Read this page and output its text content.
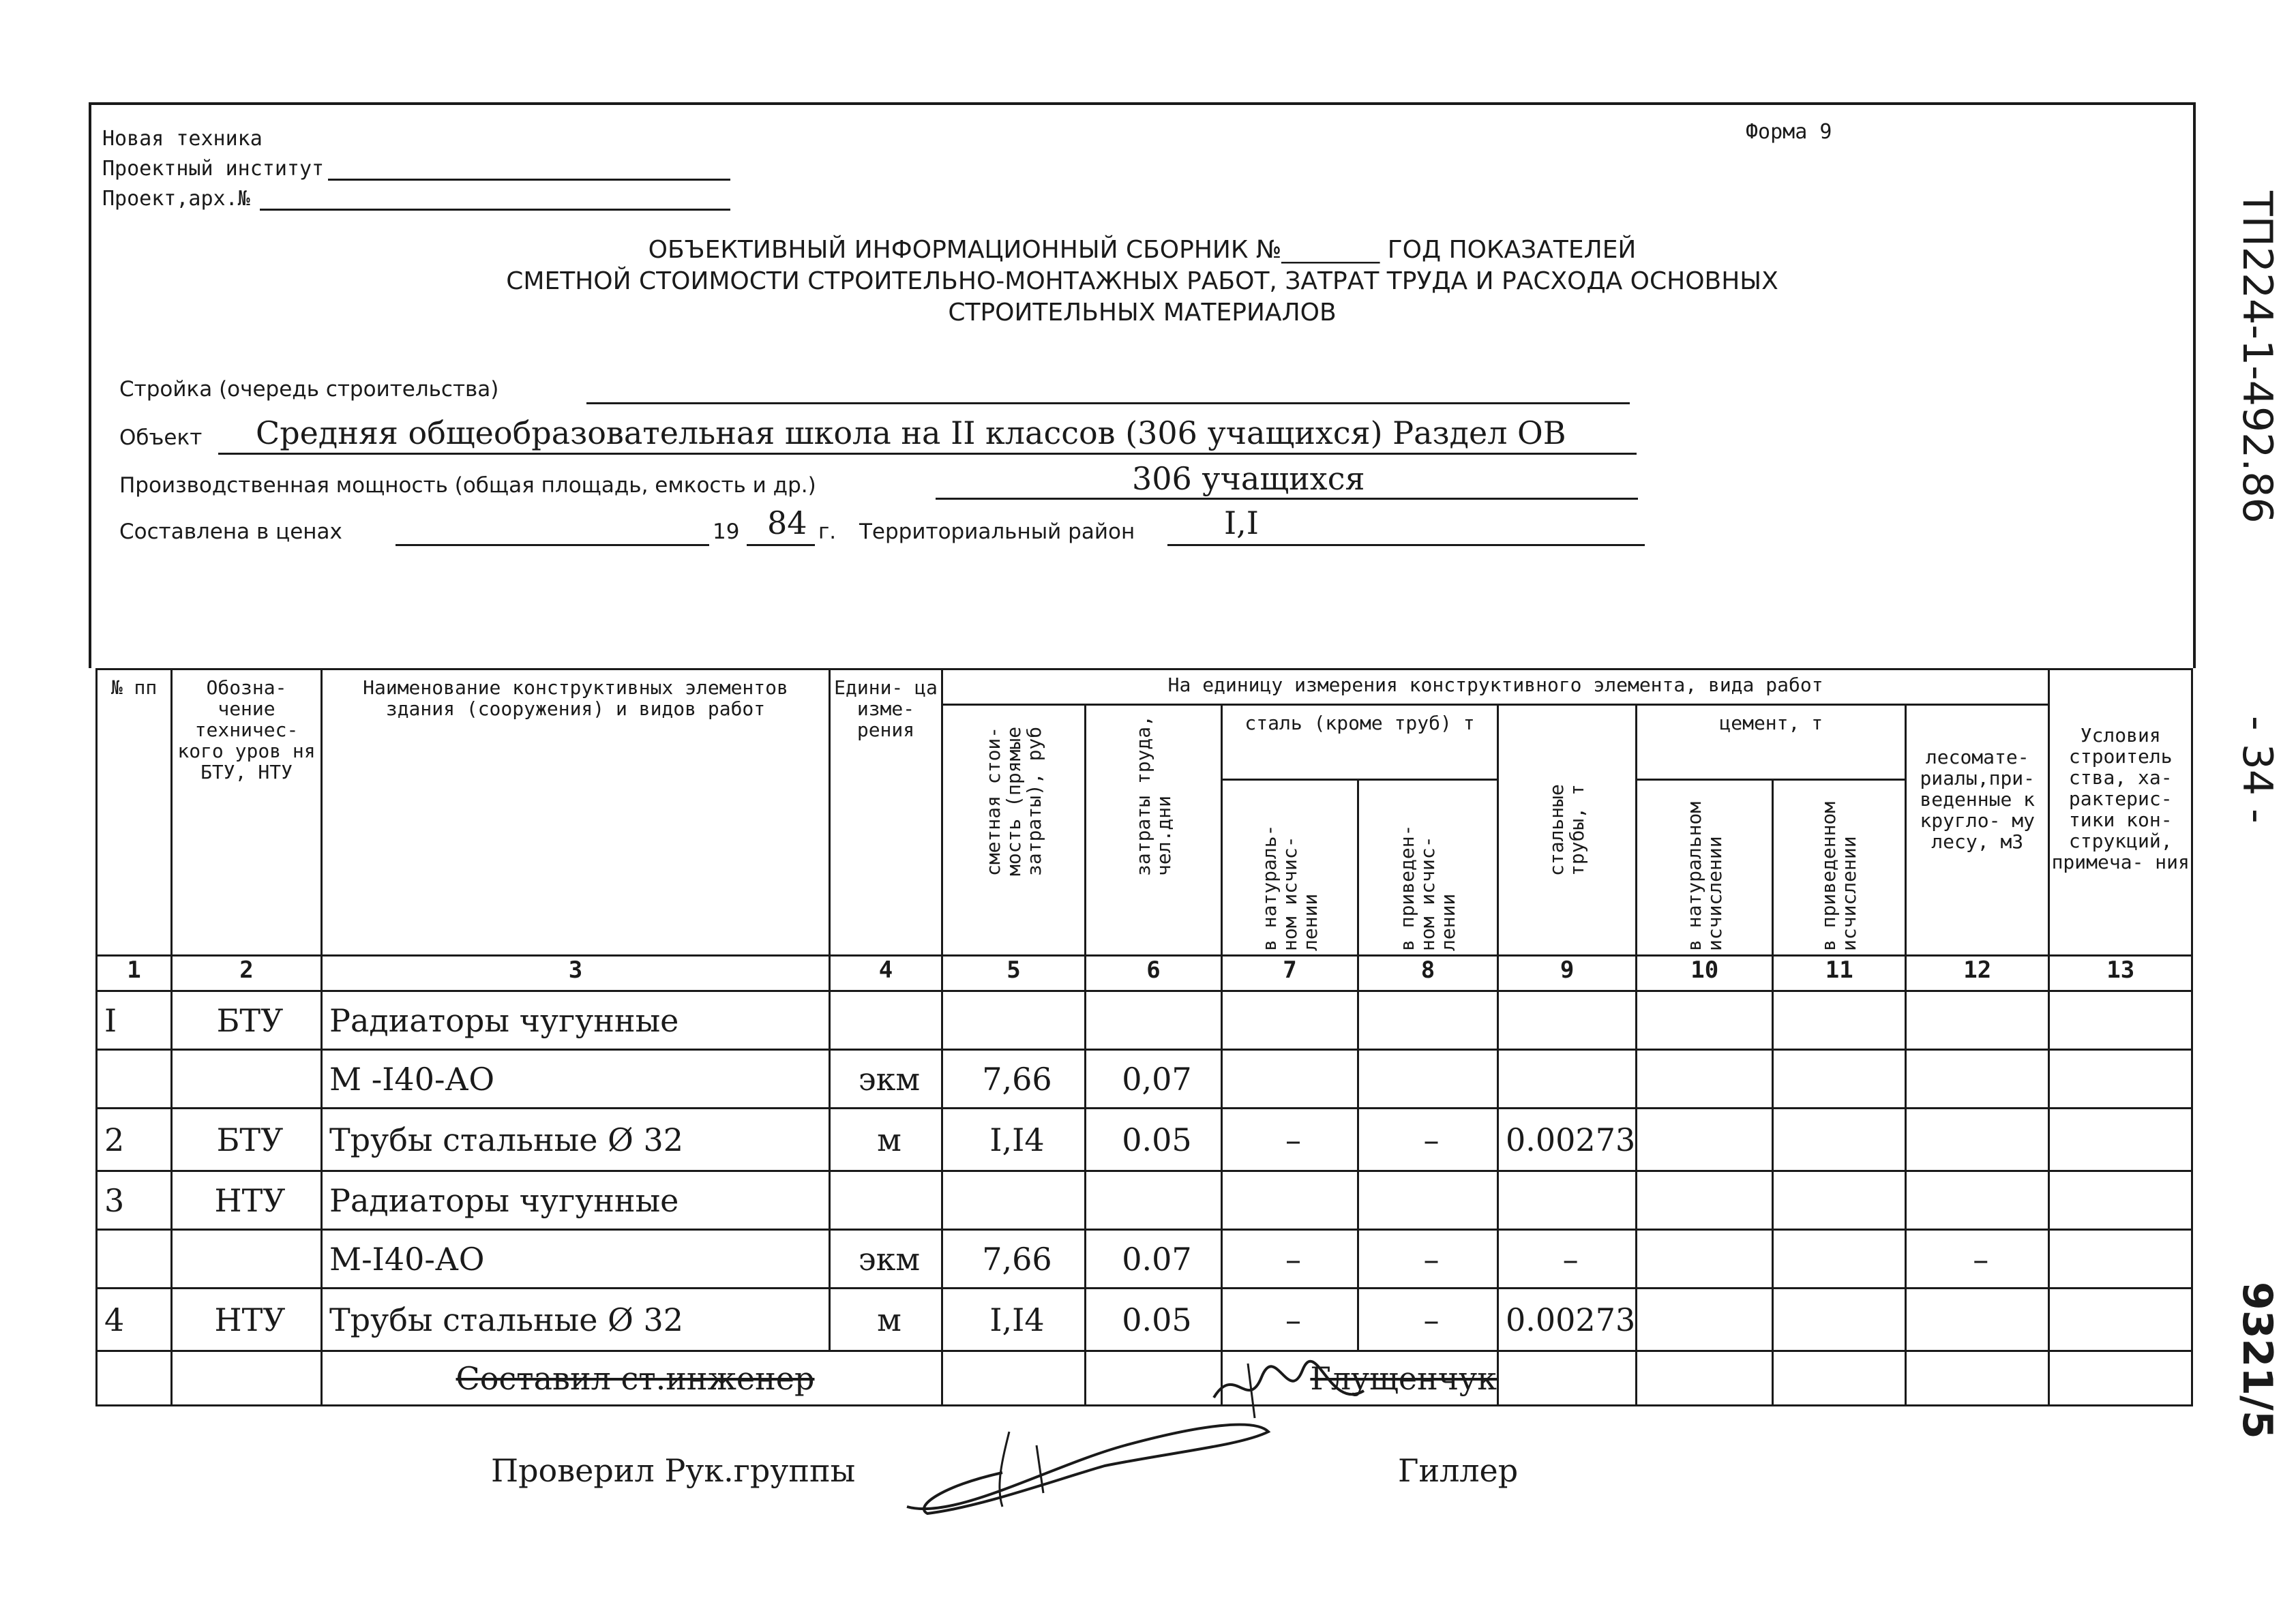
Новая техника
Проектный институт
Проект,арх.№
Форма 9
ОБЪЕКТИВНЫЙ ИНФОРМАЦИОННЫЙ СБОРНИК №________ ГОД ПОКАЗАТЕЛЕЙ
СМЕТНОЙ СТОИМОСТИ СТРОИТЕЛЬНО-МОНТАЖНЫХ РАБОТ, ЗАТРАТ ТРУДА И РАСХОДА ОСНОВНЫХ
СТРОИТЕЛЬНЫХ МАТЕРИАЛОВ
Стройка (очередь строительства)
Объект Средняя общеобразовательная школа на II классов (306 учащихся) Раздел ОВ
Производственная мощность (общая площадь, емкость и др.)	306 учащихся
Составлена в ценах	19 84 г. Территориальный район	I,I	ТП224-1-492.86
- 34 -
9321/5
№ пп	Обозна- чение техничес- кого уров ня БТУ, НТУ	Наименование конструктивных элементов здания (сооружения) и видов работ	Едини- ца изме- рения	На единицу измерения конструктивного элемента, вида работ								Условия строитель ства, ха- рактерис- тики кон- струкций, примеча- ния

				сметная стои- мость (прямые затраты), руб	затраты труда, чел.дни	сталь (кроме труб) т		стальные трубы, т	цемент, т		лесомате- риалы,при- веденные к кругло- му лесу, м3	

						в натураль- ном исчис- лении	в приведен- ном исчис- лении		в натуральном исчислении	в приведенном исчислении		

1	2	3	4	5	6	7	8	9	10	11	12	13
I	БТУ	Радиаторы чугунные										
		М -I40-АО	экм	7,66	0,07							
2	БТУ	Трубы стальные Ø 32	м	I,I4	0.05	–	–	0.00273				
3	НТУ	Радиаторы чугунные										
		М-I40-АО	экм	7,66	0.07	–	–	–			–	
4	НТУ	Трубы стальные Ø 32	м	I,I4	0.05	–	–	0.00273				
		Составил ст.инженер				Глущенчук						
Проверил Рук.группы	Гиллер
